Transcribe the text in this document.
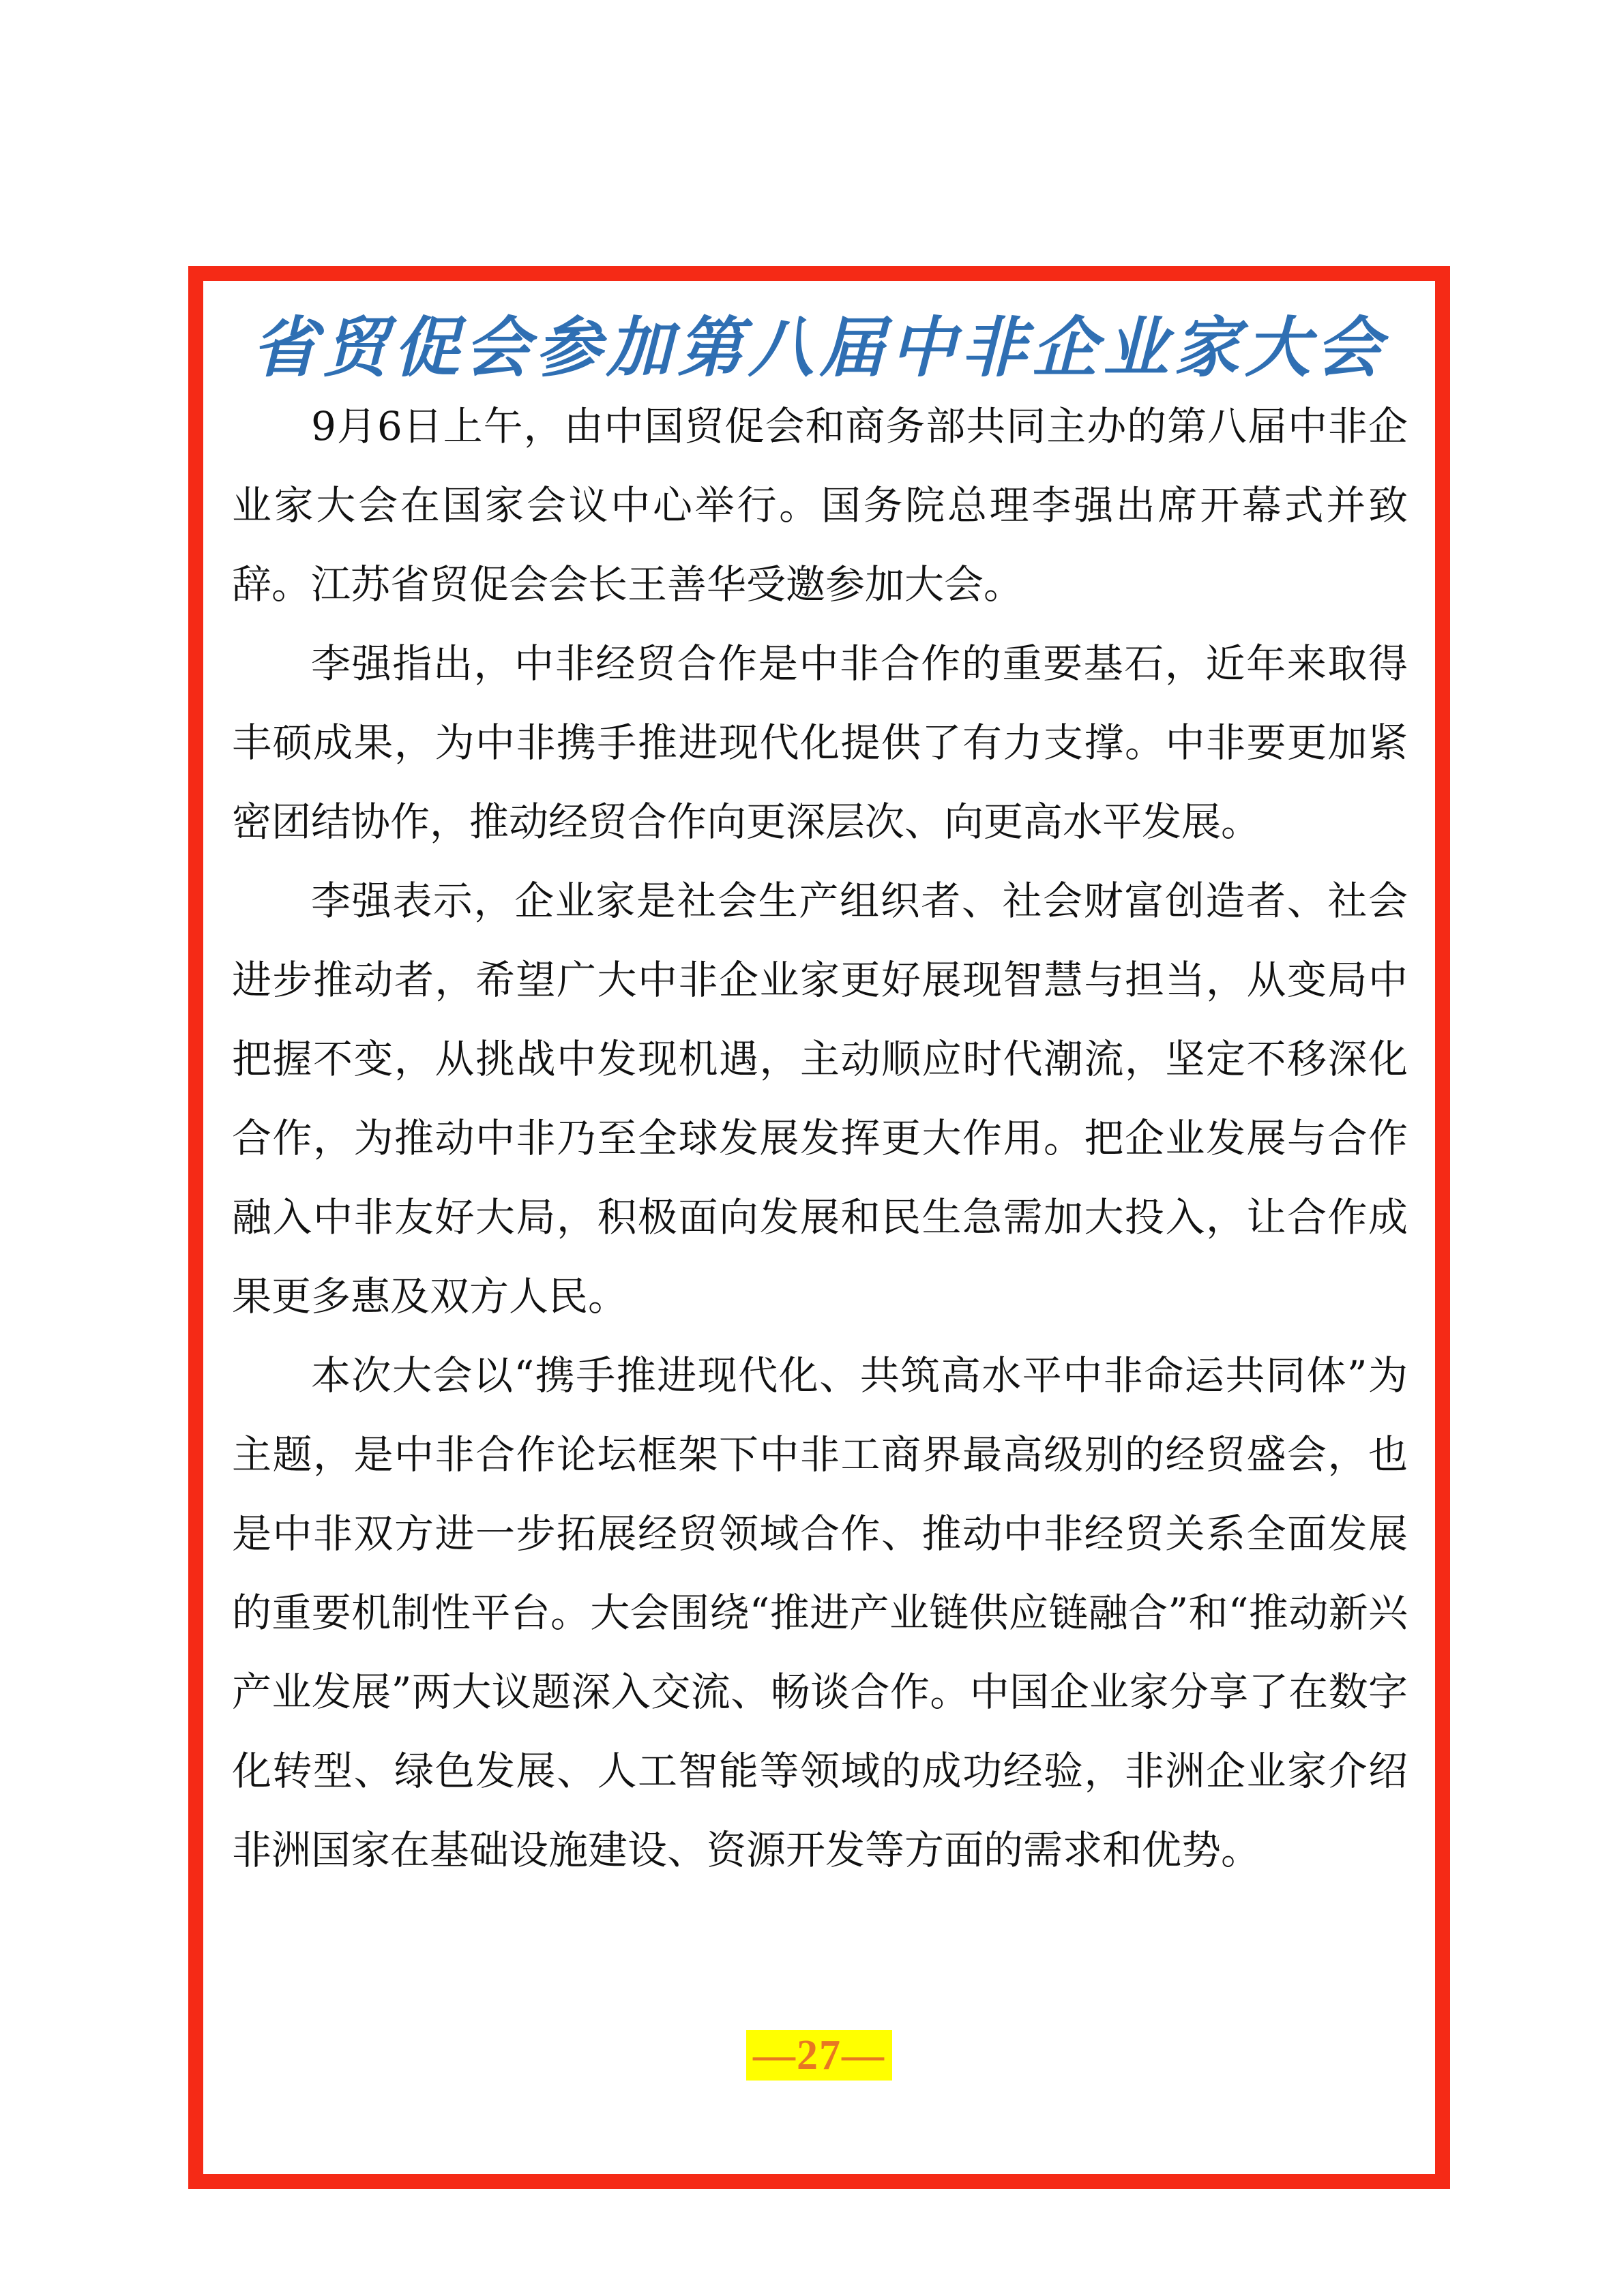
省贸促会参加第八届中非企业家大会

9月6日上午，由中国贸促会和商务部共同主办的第八届中非企业家大会在国家会议中心举行。国务院总理李强出席开幕式并致辞。江苏省贸促会会长王善华受邀参加大会。

李强指出，中非经贸合作是中非合作的重要基石，近年来取得丰硕成果，为中非携手推进现代化提供了有力支撑。中非要更加紧密团结协作，推动经贸合作向更深层次、向更高水平发展。

李强表示，企业家是社会生产组织者、社会财富创造者、社会进步推动者，希望广大中非企业家更好展现智慧与担当，从变局中把握不变，从挑战中发现机遇，主动顺应时代潮流，坚定不移深化合作，为推动中非乃至全球发展发挥更大作用。把企业发展与合作融入中非友好大局，积极面向发展和民生急需加大投入，让合作成果更多惠及双方人民。

本次大会以“携手推进现代化、共筑高水平中非命运共同体”为主题，是中非合作论坛框架下中非工商界最高级别的经贸盛会，也是中非双方进一步拓展经贸领域合作、推动中非经贸关系全面发展的重要机制性平台。大会围绕“推进产业链供应链融合”和“推动新兴产业发展”两大议题深入交流、畅谈合作。中国企业家分享了在数字化转型、绿色发展、人工智能等领域的成功经验，非洲企业家介绍非洲国家在基础设施建设、资源开发等方面的需求和优势。

—27—
